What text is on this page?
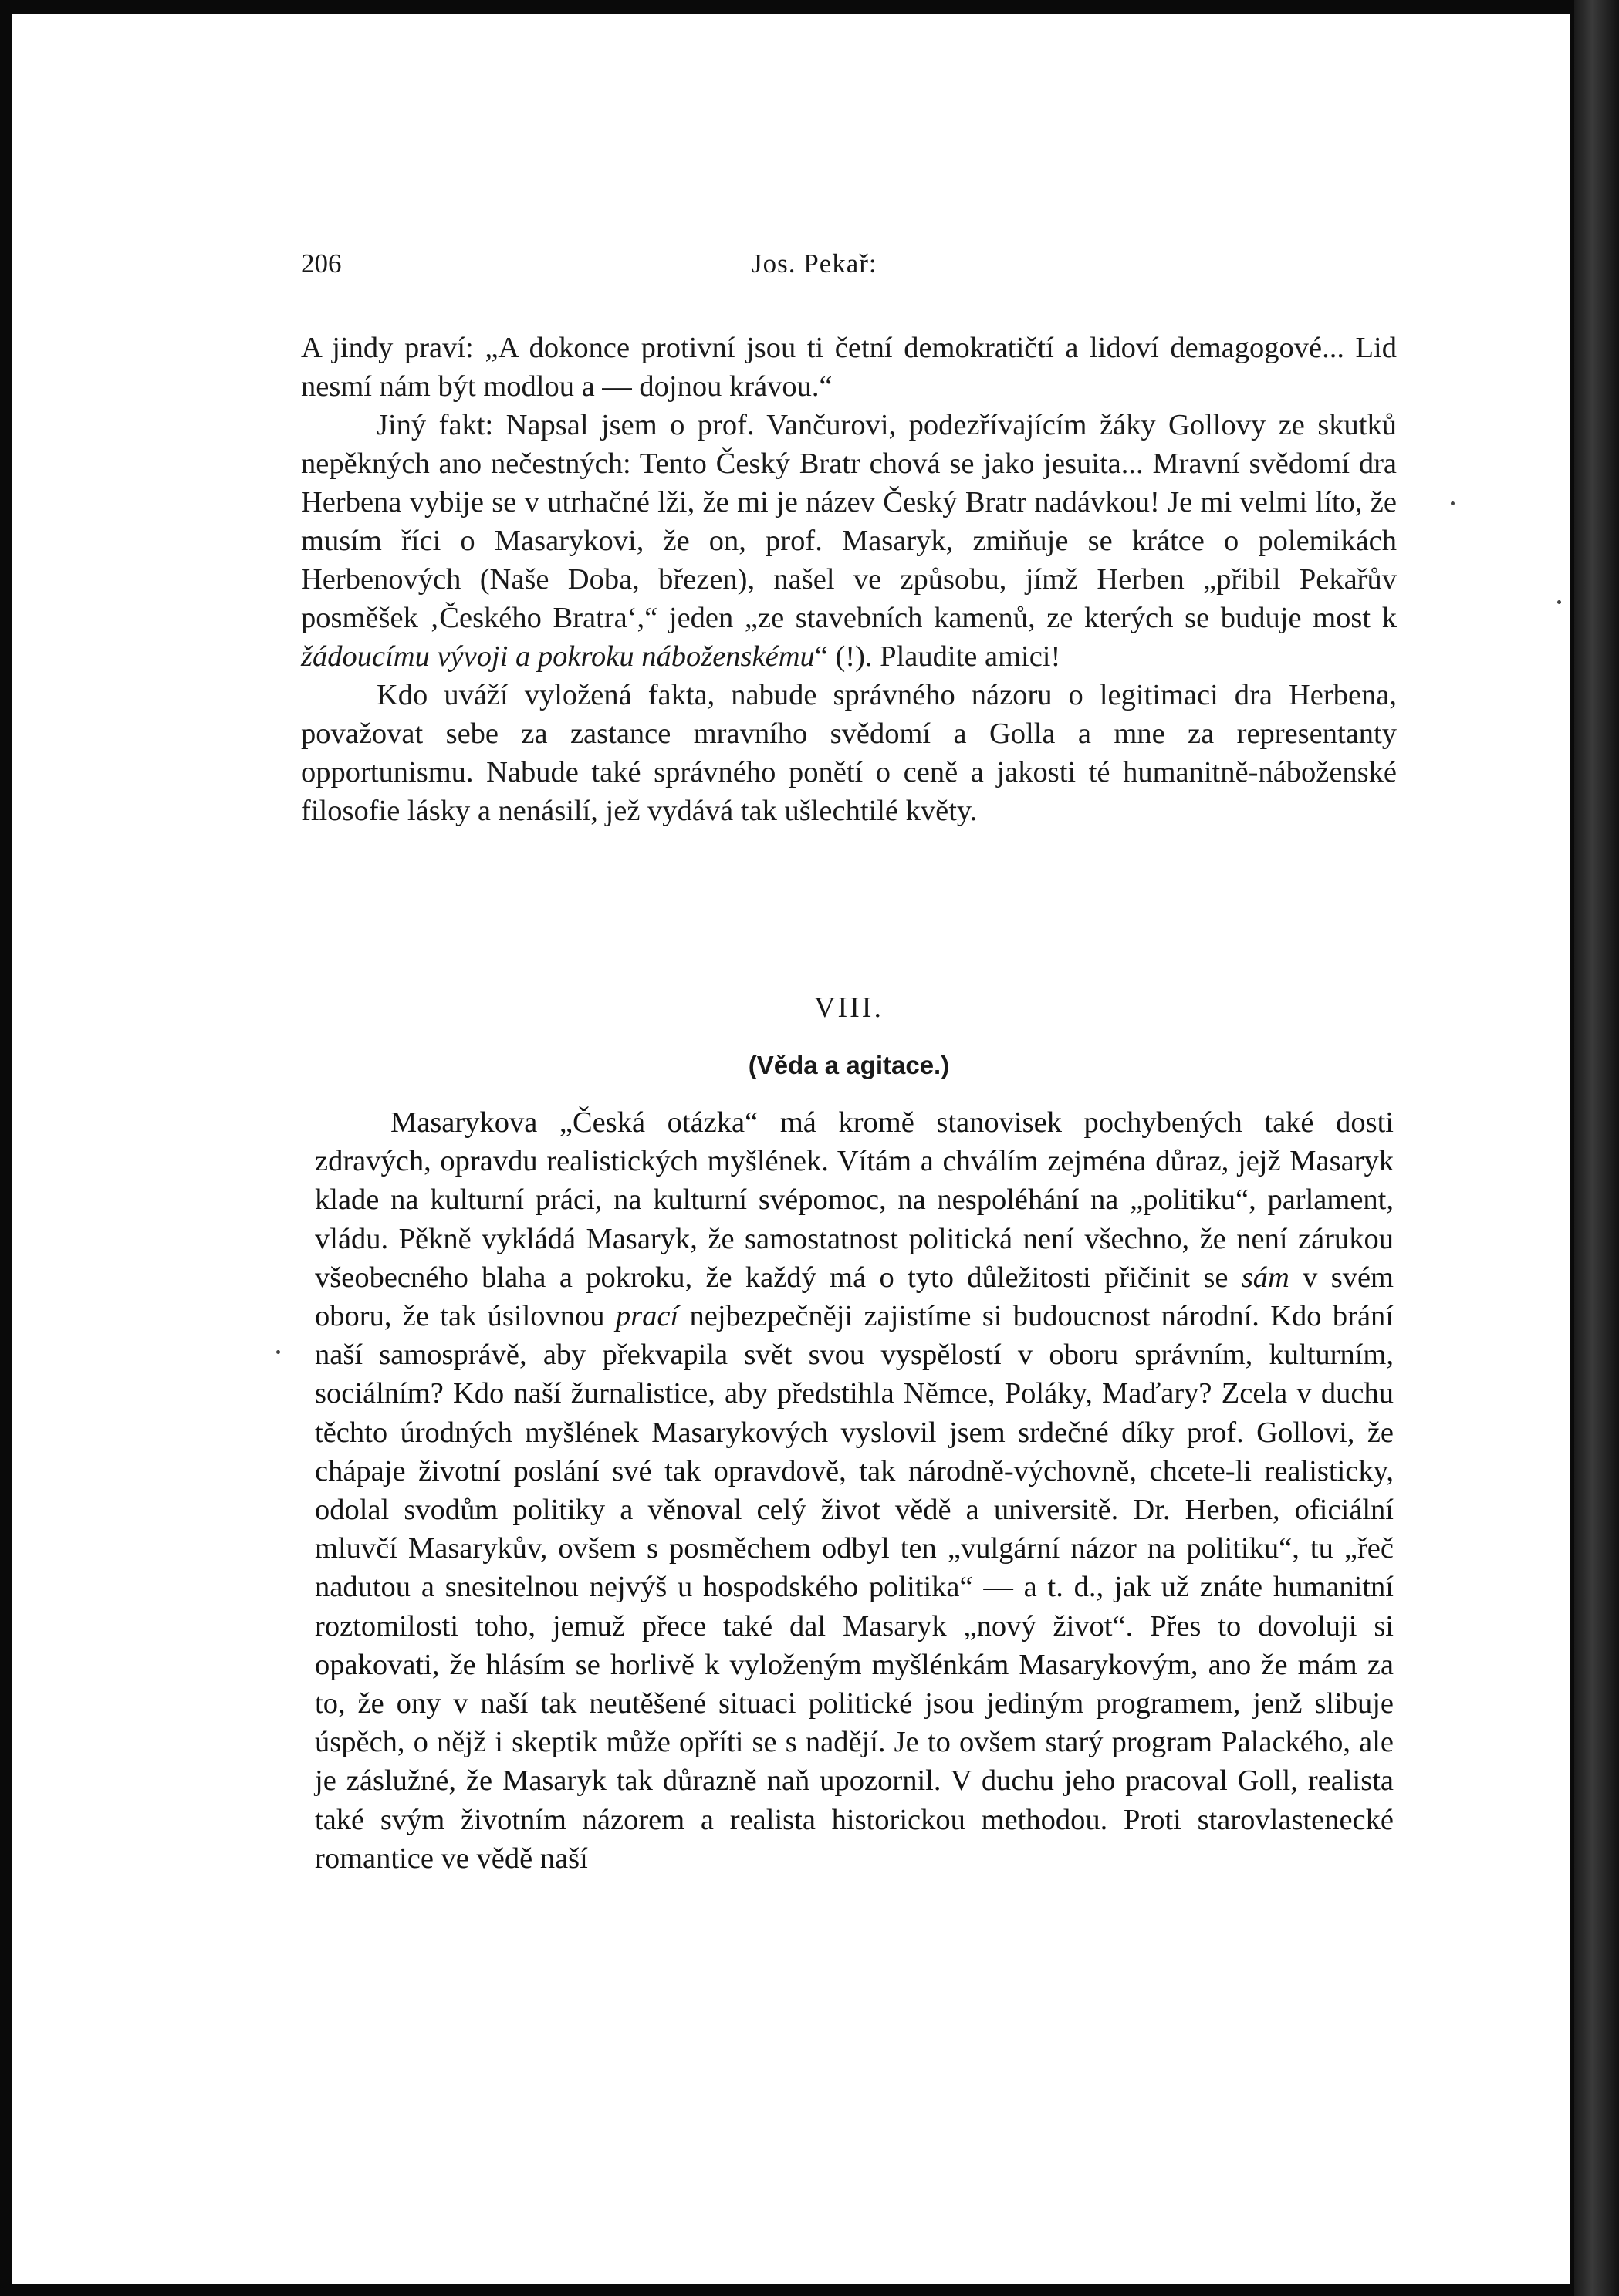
206	Jos. Pekař:

A jindy praví: „A dokonce protivní jsou ti četní demokratičtí a lidoví demagogové... Lid nesmí nám být modlou a — dojnou krávou.“

Jiný fakt: Napsal jsem o prof. Vančurovi, podezřívajícím žáky Gollovy ze skutků nepěkných ano nečestných: Tento Český Bratr chová se jako jesuita... Mravní svědomí dra Herbena vybije se v utrhačné lži, že mi je název Český Bratr nadávkou! Je mi velmi líto, že musím říci o Masarykovi, že on, prof. Masaryk, zmiňuje se krátce o polemikách Herbenových (Naše Doba, březen), našel ve způsobu, jímž Herben „přibil Pekařův posměšek ‚Českého Bratra‘,“ jeden „ze stavebních kamenů, ze kterých se buduje most k žádoucímu vývoji a pokroku náboženskému“ (!). Plaudite amici!

Kdo uváží vyložená fakta, nabude správného názoru o legitimaci dra Herbena, považovat sebe za zastance mravního svědomí a Golla a mne za representanty opportunismu. Nabude také správného ponětí o ceně a jakosti té humanitně-náboženské filosofie lásky a nenásilí, jež vydává tak ušlechtilé květy.

VIII.
(Věda a agitace.)

Masarykova „Česká otázka“ má kromě stanovisek pochybených také dosti zdravých, opravdu realistických myšlének. Vítám a chválím zejména důraz, jejž Masaryk klade na kulturní práci, na kulturní svépomoc, na nespoléhání na „politiku“, parlament, vládu. Pěkně vykládá Masaryk, že samostatnost politická není všechno, že není zárukou všeobecného blaha a pokroku, že každý má o tyto důležitosti přičinit se sám v svém oboru, že tak úsilovnou prací nejbezpečněji zajistíme si budoucnost národní. Kdo brání naší samosprávě, aby překvapila svět svou vyspělostí v oboru správním, kulturním, sociálním? Kdo naší žurnalistice, aby předstihla Němce, Poláky, Maďary? Zcela v duchu těchto úrodných myšlének Masarykových vyslovil jsem srdečné díky prof. Gollovi, že chápaje životní poslání své tak opravdově, tak národně-výchovně, chcete-li realisticky, odolal svodům politiky a věnoval celý život vědě a universitě. Dr. Herben, oficiální mluvčí Masarykův, ovšem s posměchem odbyl ten „vulgární názor na politiku“, tu „řeč nadutou a snesitelnou nejvýš u hospodského politika“ — a t. d., jak už znáte humanitní roztomilosti toho, jemuž přece také dal Masaryk „nový život“. Přes to dovoluji si opakovati, že hlásím se horlivě k vyloženým myšlénkám Masarykovým, ano že mám za to, že ony v naší tak neutěšené situaci politické jsou jediným programem, jenž slibuje úspěch, o nějž i skeptik může opříti se s nadějí. Je to ovšem starý program Palackého, ale je záslužné, že Masaryk tak důrazně naň upozornil. V duchu jeho pracoval Goll, realista také svým životním názorem a realista historickou methodou. Proti starovlastenecké romantice ve vědě naší
